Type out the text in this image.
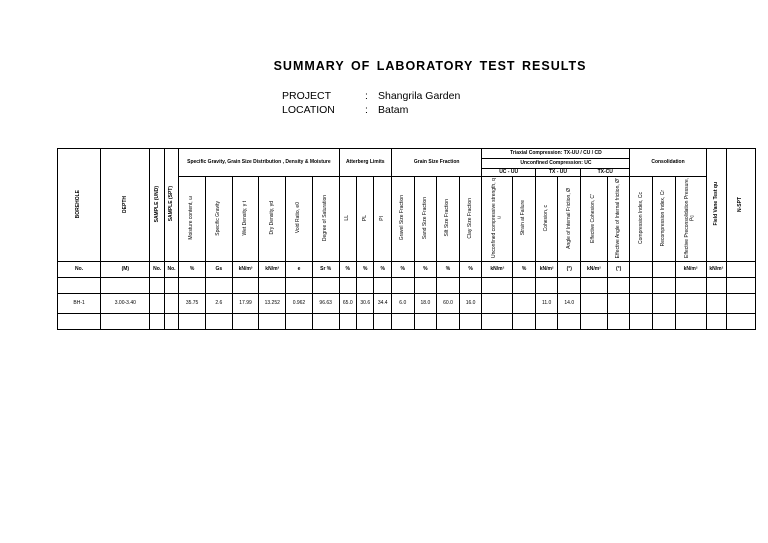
SUMMARY OF LABORATORY TEST RESULTS
PROJECT	: Shangrila Garden
LOCATION	: Batam
BOREHOLE	DEPTH	SAMPLE (UND)	SAMPLE (SPT)	Specific Gravity, Grain Size Distribution , Density & Moisture						Atterberg Limits			Grain Size Fraction				Triaxial Compression: TX-UU / CU / CD						Consolidation			Field Vane Test qu	N-SPT
																	Unconfined Compression: UC										
																	UC - UU		TX - UU		TX-CU						
				Moisture content, ω	Specific Gravity	Wet Density, γ t	Dry Density, γd	Void Ratio, e0	Degree of Saturation	LL	PL	PI	Gravel Size Fraction	Sand Size Fraction	Silt Size Fraction	Clay Size Fraction	Unconfined compressive strength, q u	Strain at Failure	Cohesion, c	Angle of Internal Friction, Ø	Effective Cohesion, C'	Effective Angle of Internal friction, Ø'	Compression Index, Cc	Recompression Index, Cr	Effective Preconsolidation Pressure, Pc		
No.	(M)	No.	No.	%	Gs	kN/m³	kN/m³	e	Sr %	%	%	%	%	%	%	%	kN/m²	%	kN/m²	(°)	kN/m²	(°)			kN/m²	kN/m²	

BH-1	3.00-3.40			35.75	2.6	17.99	13.252	0.962	96.63	65.0	30.6	34.4	6.0	18.0	60.0	16.0			11.0	14.0							
